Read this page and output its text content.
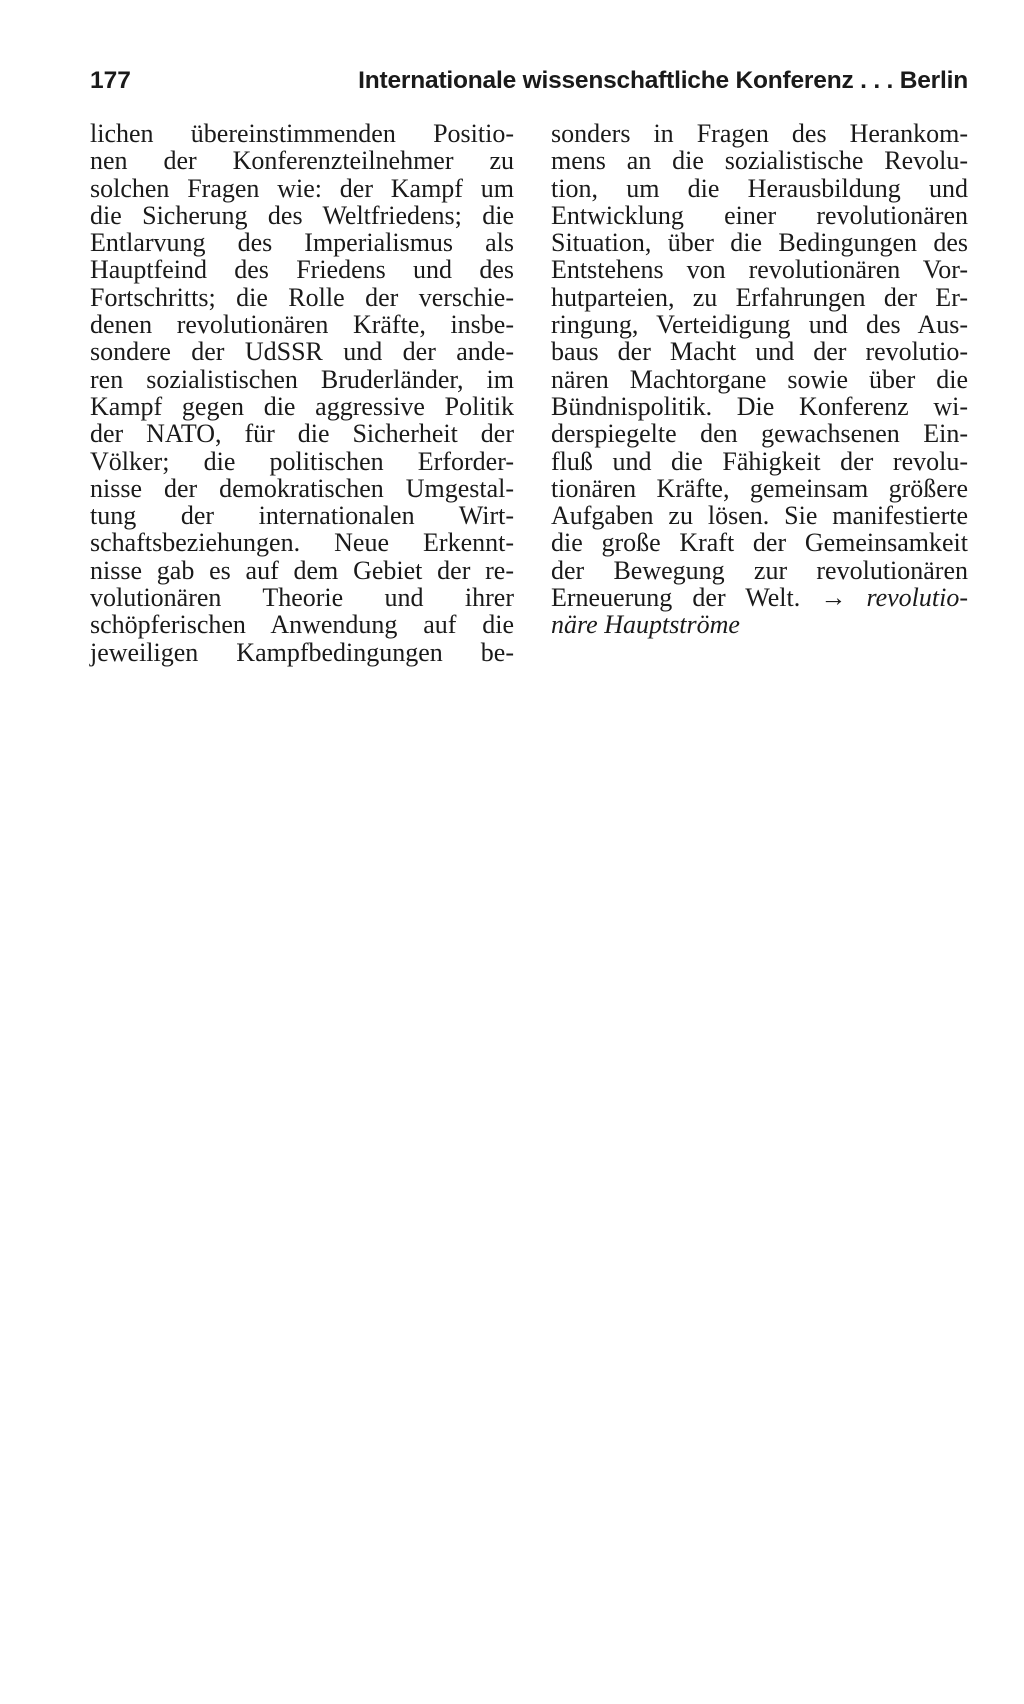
177	Internationale wissenschaftliche Konferenz . . . Berlin
lichen übereinstimmenden Positio-
nen der Konferenzteilnehmer zu
solchen Fragen wie: der Kampf um
die Sicherung des Weltfriedens; die
Entlarvung des Imperialismus als
Hauptfeind des Friedens und des
Fortschritts; die Rolle der verschie-
denen revolutionären Kräfte, insbe-
sondere der UdSSR und der ande-
ren sozialistischen Bruderländer, im
Kampf gegen die aggressive Politik
der NATO, für die Sicherheit der
Völker; die politischen Erforder-
nisse der demokratischen Umgestal-
tung der internationalen Wirt-
schaftsbeziehungen. Neue Erkennt-
nisse gab es auf dem Gebiet der re-
volutionären Theorie und ihrer
schöpferischen Anwendung auf die
jeweiligen Kampfbedingungen be-
sonders in Fragen des Herankom-
mens an die sozialistische Revolu-
tion, um die Herausbildung und
Entwicklung einer revolutionären
Situation, über die Bedingungen des
Entstehens von revolutionären Vor-
hutparteien, zu Erfahrungen der Er-
ringung, Verteidigung und des Aus-
baus der Macht und der revolutio-
nären Machtorgane sowie über die
Bündnispolitik. Die Konferenz wi-
derspiegelte den gewachsenen Ein-
fluß und die Fähigkeit der revolu-
tionären Kräfte, gemeinsam größere
Aufgaben zu lösen. Sie manifestierte
die große Kraft der Gemeinsamkeit
der Bewegung zur revolutionären
Erneuerung der Welt. → revolutio-
näre Hauptströme
